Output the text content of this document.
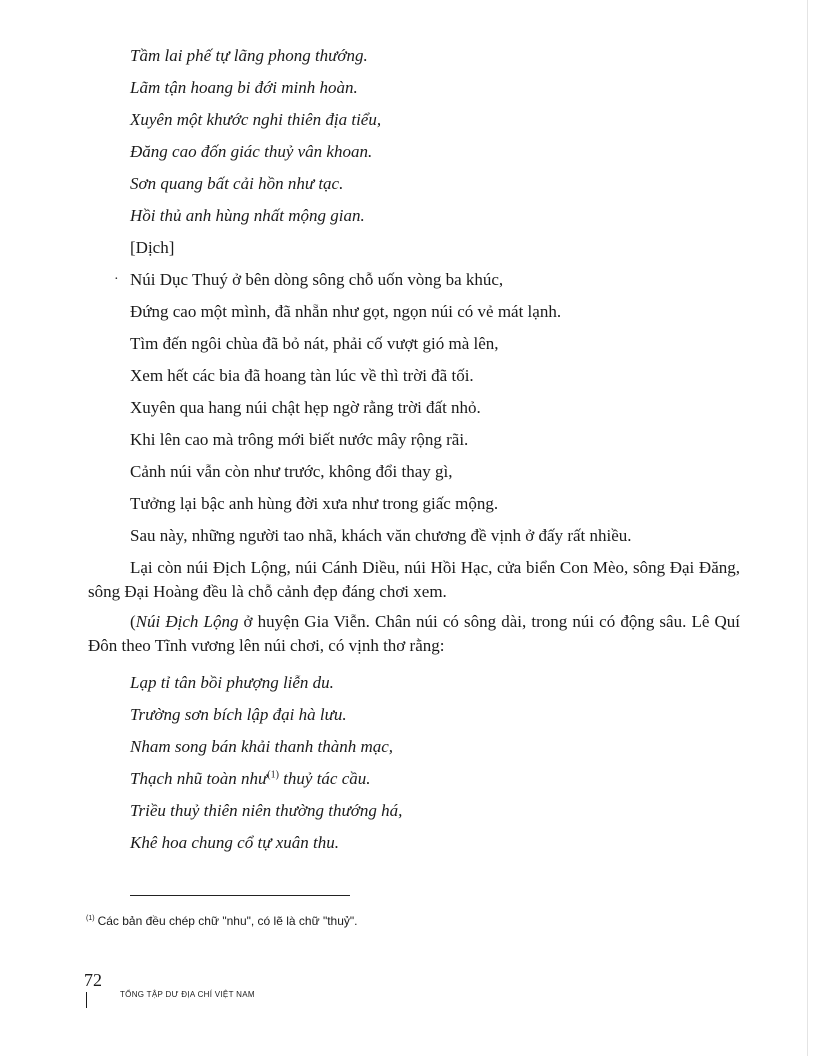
Tầm lai phế tự lãng phong thướng.
Lãm tận hoang bi đới minh hoàn.
Xuyên một khước nghi thiên địa tiểu,
Đăng cao đốn giác thuỷ vân khoan.
Sơn quang bất cải hồn như tạc.
Hồi thủ anh hùng nhất mộng gian.
[Dịch]
· Núi Dục Thuý ở bên dòng sông chỗ uốn vòng ba khúc,
Đứng cao một mình, đã nhẵn như gọt, ngọn núi có vẻ mát lạnh.
Tìm đến ngôi chùa đã bỏ nát, phải cố vượt gió mà lên,
Xem hết các bia đã hoang tàn lúc về thì trời đã tối.
Xuyên qua hang núi chật hẹp ngờ rằng trời đất nhỏ.
Khi lên cao mà trông mới biết nước mây rộng rãi.
Cảnh núi vẫn còn như trước, không đổi thay gì,
Tưởng lại bậc anh hùng đời xưa như trong giấc mộng.
Sau này, những người tao nhã, khách văn chương đề vịnh ở đấy rất nhiều.

Lại còn núi Địch Lộng, núi Cánh Diều, núi Hồi Hạc, cửa biển Con Mèo, sông Đại Đăng, sông Đại Hoàng đều là chỗ cảnh đẹp đáng chơi xem.

(Núi Địch Lộng ở huyện Gia Viễn. Chân núi có sông dài, trong núi có động sâu. Lê Quí Đôn theo Tĩnh vương lên núi chơi, có vịnh thơ rằng:

Lạp tỉ tân bồi phượng liễn du.
Trường sơn bích lập đại hà lưu.
Nham song bán khải thanh thành mạc,
Thạch nhũ toàn như$^{(1)}$ thuỷ tác cầu.
Triều thuỷ thiên niên thường thướng há,
Khê hoa chung cổ tự xuân thu.
$^{(1)}$ Các bản đều chép chữ "nhu", có lẽ là chữ "thuỷ".
72
TỔNG TẬP DƯ ĐỊA CHÍ VIỆT NAM
